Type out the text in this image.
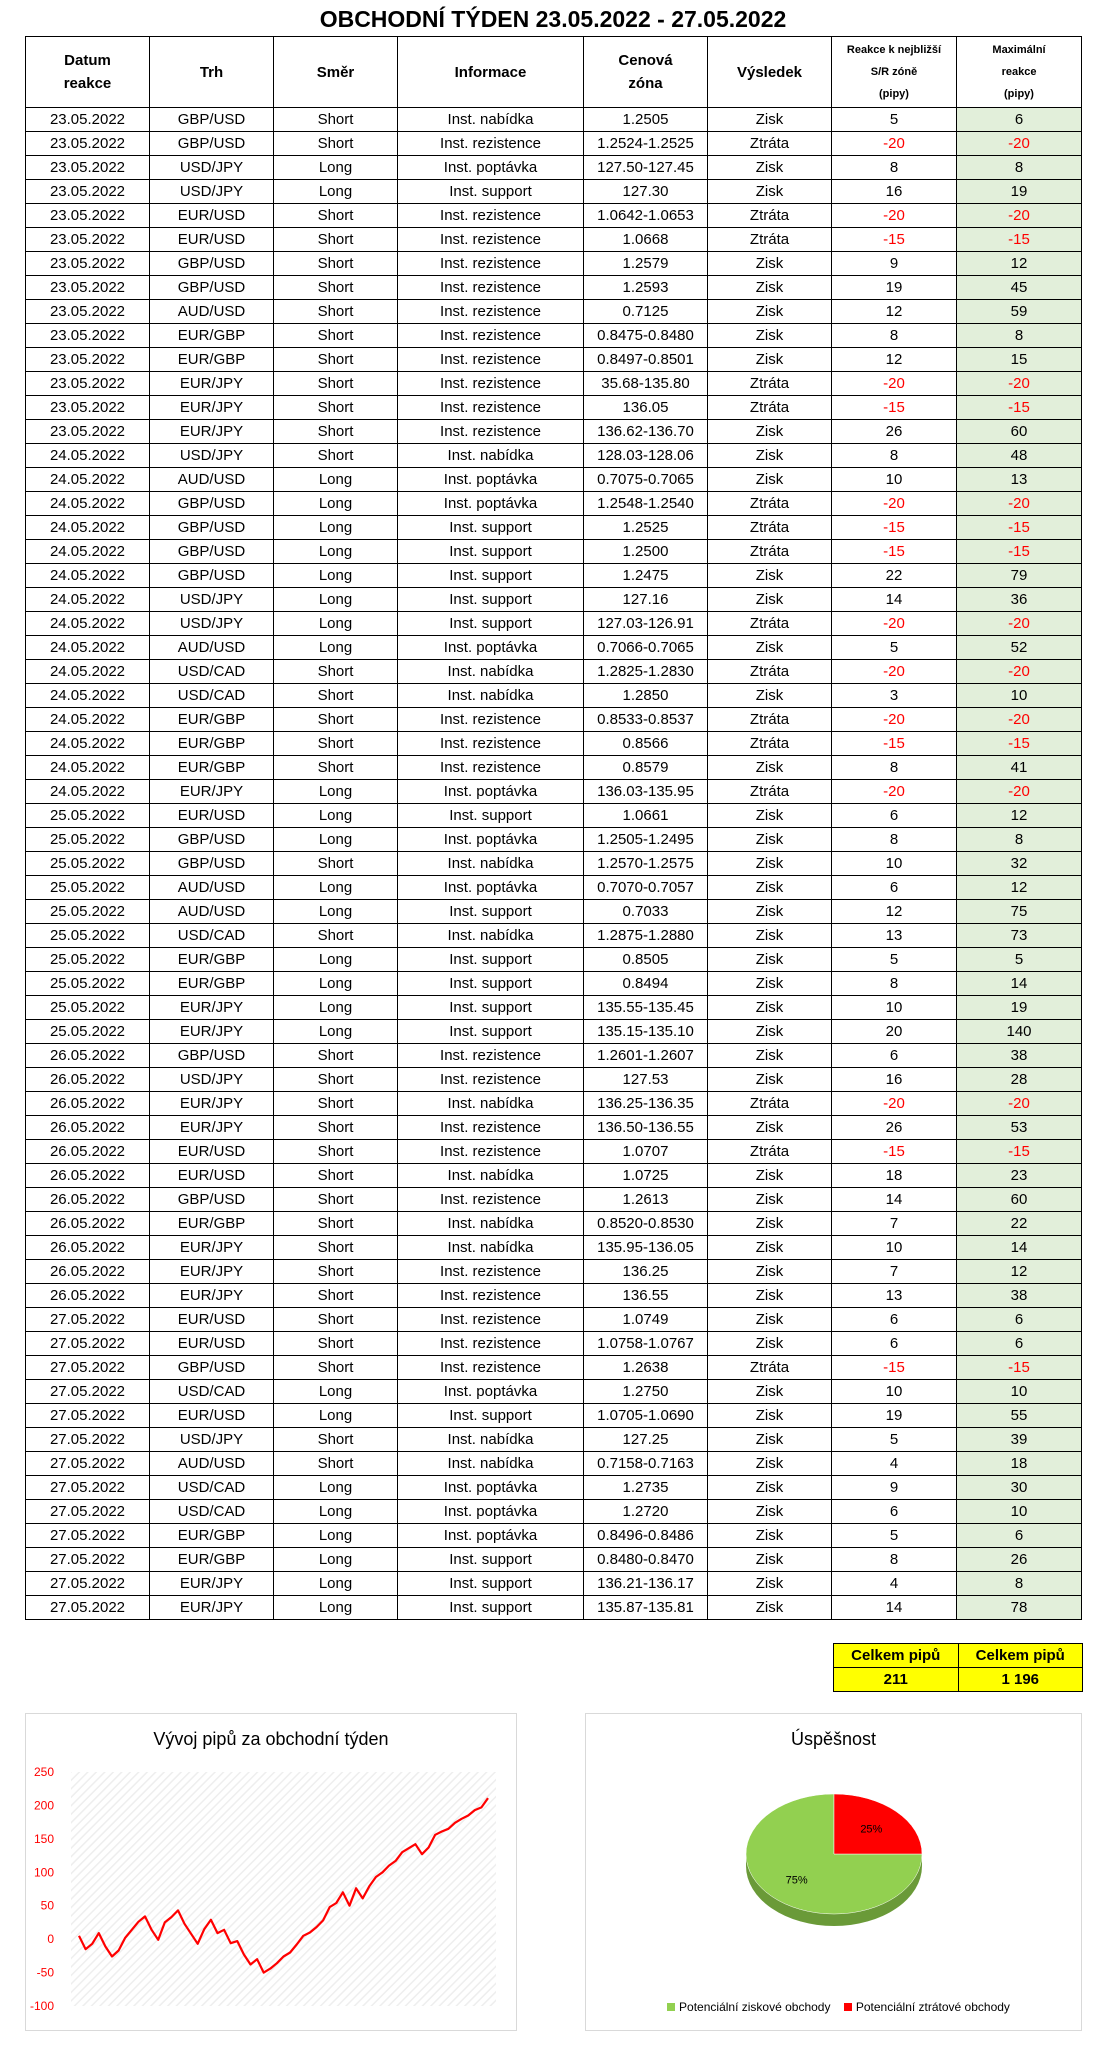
OBCHODNÍ TÝDEN 23.05.2022 - 27.05.2022
Datum
reakce	Trh	Směr	Informace	Cenová
zóna	Výsledek	Reakce k nejbližší
S/R zóně
(pipy)	Maximální
reakce
(pipy)
23.05.2022	GBP/USD	Short	Inst. nabídka	1.2505	Zisk	5	6
23.05.2022	GBP/USD	Short	Inst. rezistence	1.2524-1.2525	Ztráta	-20	-20
23.05.2022	USD/JPY	Long	Inst. poptávka	127.50-127.45	Zisk	8	8
23.05.2022	USD/JPY	Long	Inst. support	127.30	Zisk	16	19
23.05.2022	EUR/USD	Short	Inst. rezistence	1.0642-1.0653	Ztráta	-20	-20
23.05.2022	EUR/USD	Short	Inst. rezistence	1.0668	Ztráta	-15	-15
23.05.2022	GBP/USD	Short	Inst. rezistence	1.2579	Zisk	9	12
23.05.2022	GBP/USD	Short	Inst. rezistence	1.2593	Zisk	19	45
23.05.2022	AUD/USD	Short	Inst. rezistence	0.7125	Zisk	12	59
23.05.2022	EUR/GBP	Short	Inst. rezistence	0.8475-0.8480	Zisk	8	8
23.05.2022	EUR/GBP	Short	Inst. rezistence	0.8497-0.8501	Zisk	12	15
23.05.2022	EUR/JPY	Short	Inst. rezistence	35.68-135.80	Ztráta	-20	-20
23.05.2022	EUR/JPY	Short	Inst. rezistence	136.05	Ztráta	-15	-15
23.05.2022	EUR/JPY	Short	Inst. rezistence	136.62-136.70	Zisk	26	60
24.05.2022	USD/JPY	Short	Inst. nabídka	128.03-128.06	Zisk	8	48
24.05.2022	AUD/USD	Long	Inst. poptávka	0.7075-0.7065	Zisk	10	13
24.05.2022	GBP/USD	Long	Inst. poptávka	1.2548-1.2540	Ztráta	-20	-20
24.05.2022	GBP/USD	Long	Inst. support	1.2525	Ztráta	-15	-15
24.05.2022	GBP/USD	Long	Inst. support	1.2500	Ztráta	-15	-15
24.05.2022	GBP/USD	Long	Inst. support	1.2475	Zisk	22	79
24.05.2022	USD/JPY	Long	Inst. support	127.16	Zisk	14	36
24.05.2022	USD/JPY	Long	Inst. support	127.03-126.91	Ztráta	-20	-20
24.05.2022	AUD/USD	Long	Inst. poptávka	0.7066-0.7065	Zisk	5	52
24.05.2022	USD/CAD	Short	Inst. nabídka	1.2825-1.2830	Ztráta	-20	-20
24.05.2022	USD/CAD	Short	Inst. nabídka	1.2850	Zisk	3	10
24.05.2022	EUR/GBP	Short	Inst. rezistence	0.8533-0.8537	Ztráta	-20	-20
24.05.2022	EUR/GBP	Short	Inst. rezistence	0.8566	Ztráta	-15	-15
24.05.2022	EUR/GBP	Short	Inst. rezistence	0.8579	Zisk	8	41
24.05.2022	EUR/JPY	Long	Inst. poptávka	136.03-135.95	Ztráta	-20	-20
25.05.2022	EUR/USD	Long	Inst. support	1.0661	Zisk	6	12
25.05.2022	GBP/USD	Long	Inst. poptávka	1.2505-1.2495	Zisk	8	8
25.05.2022	GBP/USD	Short	Inst. nabídka	1.2570-1.2575	Zisk	10	32
25.05.2022	AUD/USD	Long	Inst. poptávka	0.7070-0.7057	Zisk	6	12
25.05.2022	AUD/USD	Long	Inst. support	0.7033	Zisk	12	75
25.05.2022	USD/CAD	Short	Inst. nabídka	1.2875-1.2880	Zisk	13	73
25.05.2022	EUR/GBP	Long	Inst. support	0.8505	Zisk	5	5
25.05.2022	EUR/GBP	Long	Inst. support	0.8494	Zisk	8	14
25.05.2022	EUR/JPY	Long	Inst. support	135.55-135.45	Zisk	10	19
25.05.2022	EUR/JPY	Long	Inst. support	135.15-135.10	Zisk	20	140
26.05.2022	GBP/USD	Short	Inst. rezistence	1.2601-1.2607	Zisk	6	38
26.05.2022	USD/JPY	Short	Inst. rezistence	127.53	Zisk	16	28
26.05.2022	EUR/JPY	Short	Inst. nabídka	136.25-136.35	Ztráta	-20	-20
26.05.2022	EUR/JPY	Short	Inst. rezistence	136.50-136.55	Zisk	26	53
26.05.2022	EUR/USD	Short	Inst. rezistence	1.0707	Ztráta	-15	-15
26.05.2022	EUR/USD	Short	Inst. nabídka	1.0725	Zisk	18	23
26.05.2022	GBP/USD	Short	Inst. rezistence	1.2613	Zisk	14	60
26.05.2022	EUR/GBP	Short	Inst. nabídka	0.8520-0.8530	Zisk	7	22
26.05.2022	EUR/JPY	Short	Inst. nabídka	135.95-136.05	Zisk	10	14
26.05.2022	EUR/JPY	Short	Inst. rezistence	136.25	Zisk	7	12
26.05.2022	EUR/JPY	Short	Inst. rezistence	136.55	Zisk	13	38
27.05.2022	EUR/USD	Short	Inst. rezistence	1.0749	Zisk	6	6
27.05.2022	EUR/USD	Short	Inst. rezistence	1.0758-1.0767	Zisk	6	6
27.05.2022	GBP/USD	Short	Inst. rezistence	1.2638	Ztráta	-15	-15
27.05.2022	USD/CAD	Long	Inst. poptávka	1.2750	Zisk	10	10
27.05.2022	EUR/USD	Long	Inst. support	1.0705-1.0690	Zisk	19	55
27.05.2022	USD/JPY	Short	Inst. nabídka	127.25	Zisk	5	39
27.05.2022	AUD/USD	Short	Inst. nabídka	0.7158-0.7163	Zisk	4	18
27.05.2022	USD/CAD	Long	Inst. poptávka	1.2735	Zisk	9	30
27.05.2022	USD/CAD	Long	Inst. poptávka	1.2720	Zisk	6	10
27.05.2022	EUR/GBP	Long	Inst. poptávka	0.8496-0.8486	Zisk	5	6
27.05.2022	EUR/GBP	Long	Inst. support	0.8480-0.8470	Zisk	8	26
27.05.2022	EUR/JPY	Long	Inst. support	136.21-136.17	Zisk	4	8
27.05.2022	EUR/JPY	Long	Inst. support	135.87-135.81	Zisk	14	78
Celkem pipů	Celkem pipů
211	1 196
Vývoj pipů za obchodní týden
250
200
150
100
50
0
-50
-100
Úspěšnost
75%
25%
Potenciální ziskové obchody Potenciální ztrátové obchody
